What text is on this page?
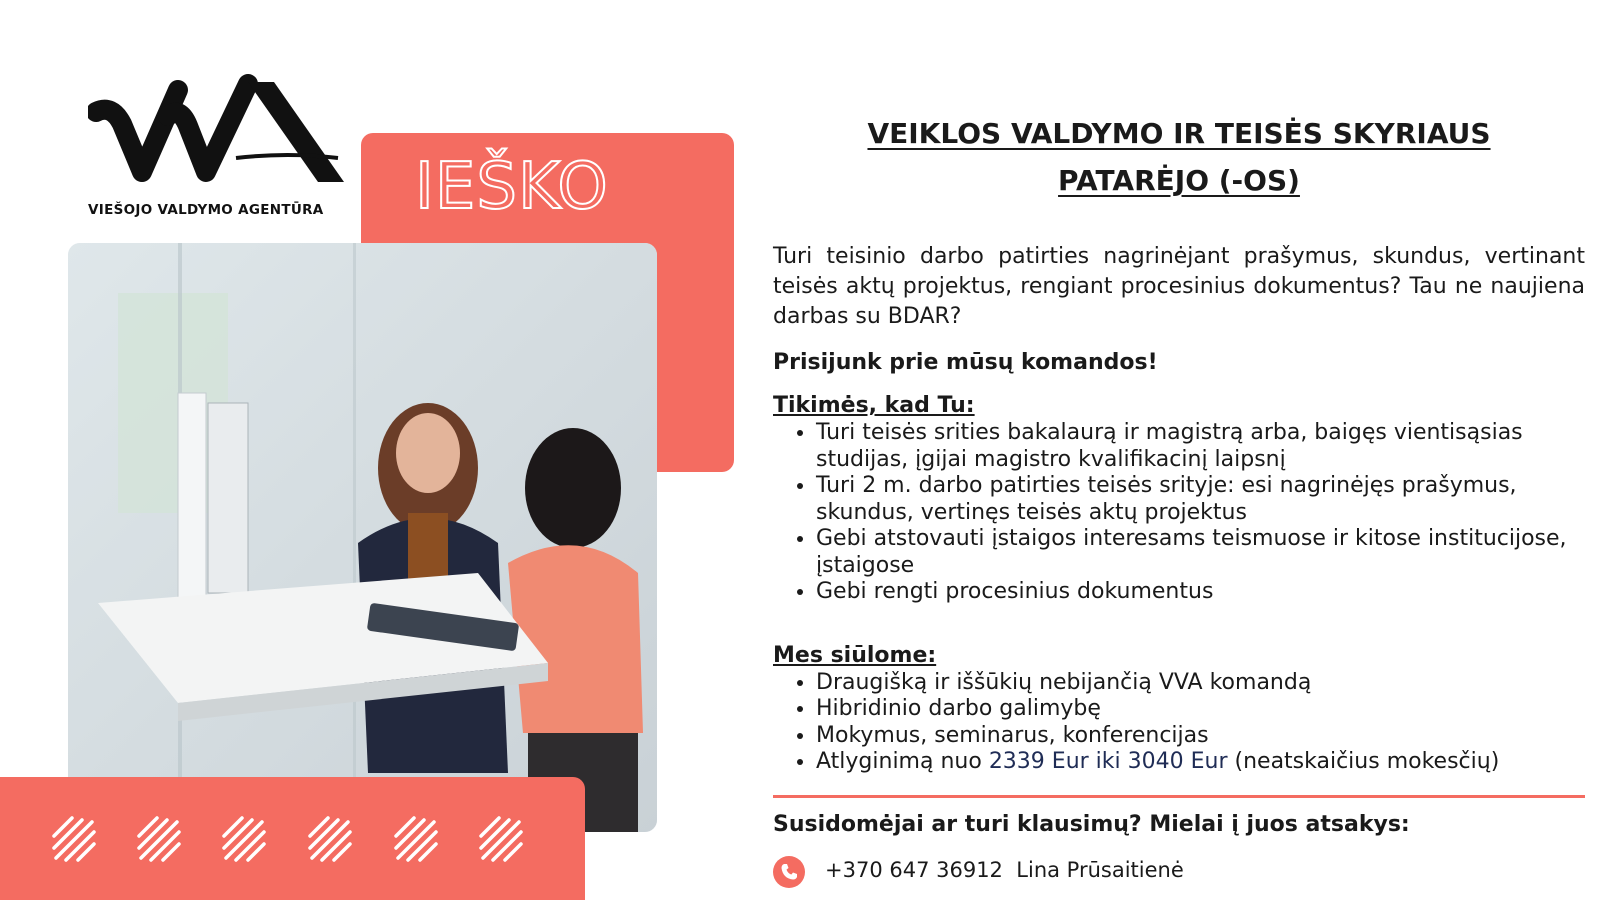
VIEŠOJO VALDYMO AGENTŪRA IEŠKO
VEIKLOS VALDYMO IR TEISĖS SKYRIAUS
PATARĖJO (-OS)

Turi teisinio darbo patirties nagrinėjant prašymus, skundus, vertinant teisės aktų projektus, rengiant procesinius dokumentus? Tau ne naujiena darbas su BDAR?

Prisijunk prie mūsų komandos!

Tikimės, kad Tu:

• Turi teisės srities bakalaurą ir magistrą arba, baigęs vientisąsias studijas, įgijai magistro kvalifikacinį laipsnį
• Turi 2 m. darbo patirties teisės srityje: esi nagrinėjęs prašymus, skundus, vertinęs teisės aktų projektus
• Gebi atstovauti įstaigos interesams teismuose ir kitose institucijose, įstaigose
• Gebi rengti procesinius dokumentus

Mes siūlome:

• Draugišką ir iššūkių nebijančią VVA komandą
• Hibridinio darbo galimybę
• Mokymus, seminarus, konferencijas
• Atlyginimą nuo 2339 Eur iki 3040 Eur (neatskaičius mokesčių)
Susidomėjai ar turi klausimų? Mielai į juos atsakys:
+370 647 36912 Lina Prūsaitienė
